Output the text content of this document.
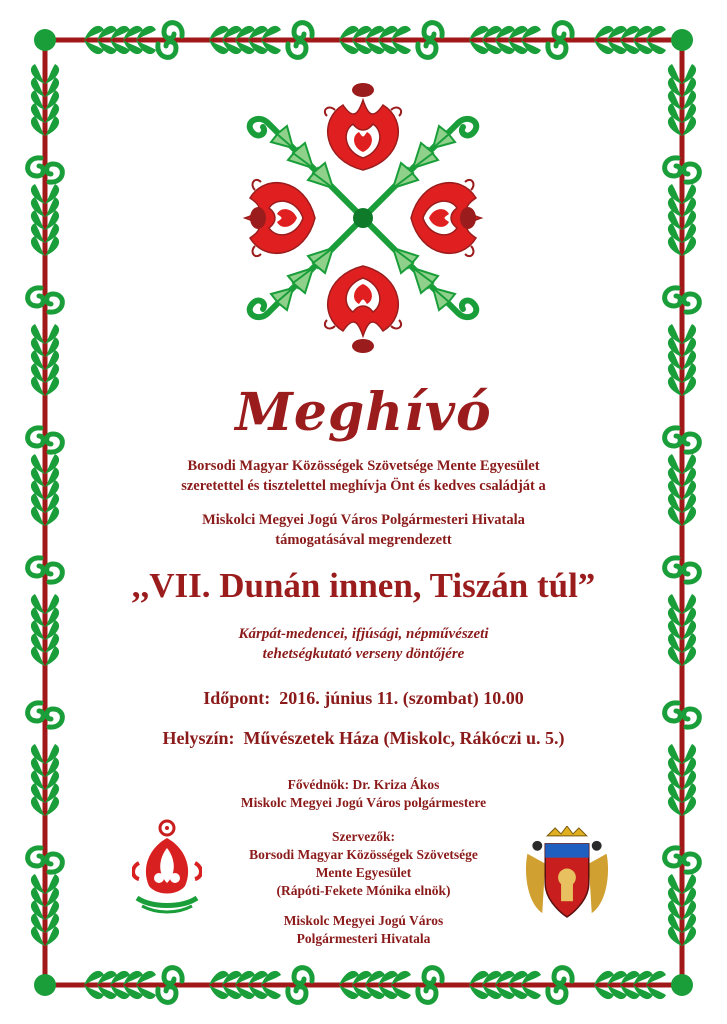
Meghívó
Borsodi Magyar Közösségek Szövetsége Mente Egyesület
szeretettel és tisztelettel meghívja Önt és kedves családját a
Miskolci Megyei Jogú Város Polgármesteri Hivatala
támogatásával megrendezett
,,VII. Dunán innen, Tiszán túl”
Kárpát-medencei, ifjúsági, népművészeti
tehetségkutató verseny döntőjére
Időpont: 2016. június 11. (szombat) 10.00
Helyszín: Művészetek Háza (Miskolc, Rákóczi u. 5.)
Fővédnök: Dr. Kriza Ákos
Miskolc Megyei Jogú Város polgármestere
Szervezők:
Borsodi Magyar Közösségek Szövetsége
Mente Egyesület
(Rápóti-Fekete Mónika elnök)
Miskolc Megyei Jogú Város
Polgármesteri Hivatala
